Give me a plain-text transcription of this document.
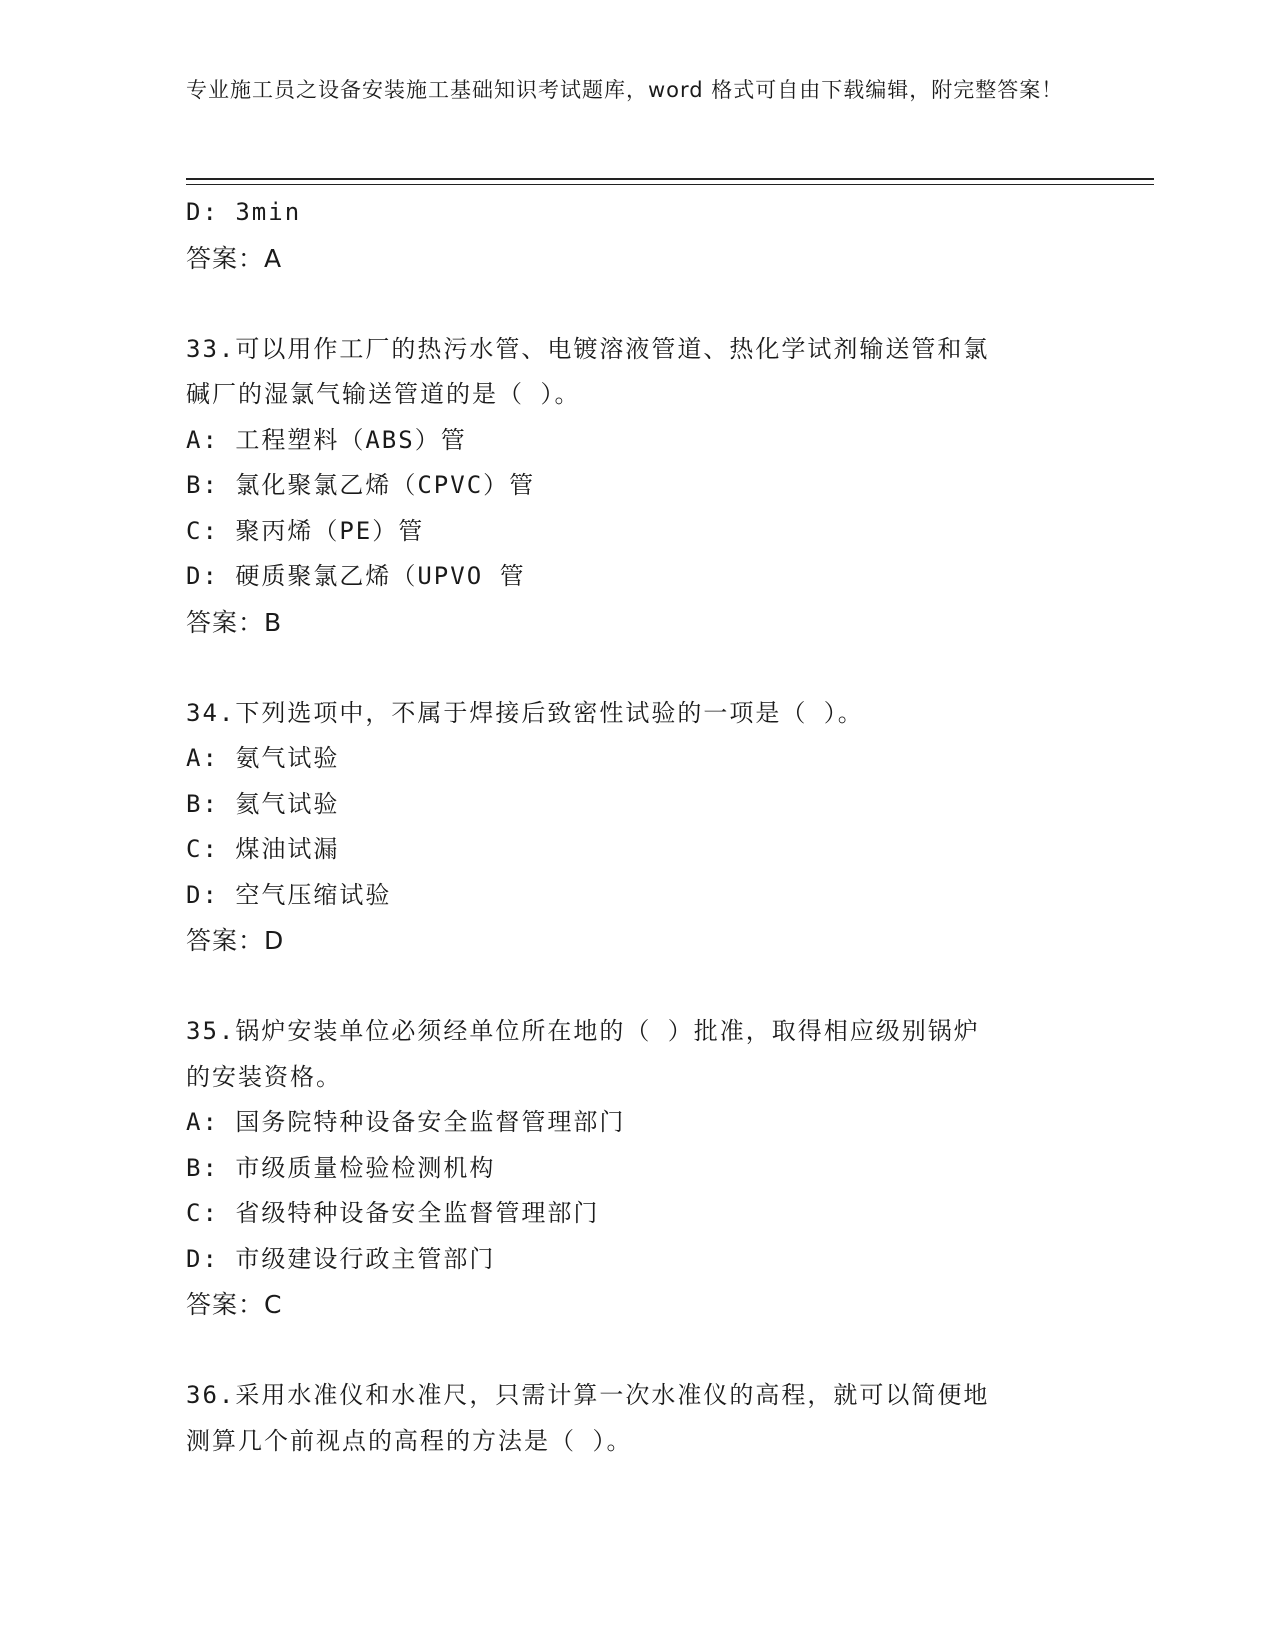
专业施工员之设备安装施工基础知识考试题库，word 格式可自由下载编辑，附完整答案！
D: 3min
答案：A
33.可以用作工厂的热污水管、电镀溶液管道、热化学试剂输送管和氯
碱厂的湿氯气输送管道的是（ ）。
A: 工程塑料（ABS）管
B: 氯化聚氯乙烯（CPVC）管
C: 聚丙烯（PE）管
D: 硬质聚氯乙烯（UPVO 管
答案：B
34.下列选项中，不属于焊接后致密性试验的一项是（ ）。
A: 氨气试验
B: 氦气试验
C: 煤油试漏
D: 空气压缩试验
答案：D
35.锅炉安装单位必须经单位所在地的（ ）批准，取得相应级别锅炉
的安装资格。
A: 国务院特种设备安全监督管理部门
B: 市级质量检验检测机构
C: 省级特种设备安全监督管理部门
D: 市级建设行政主管部门
答案：C
36.采用水准仪和水准尺，只需计算一次水准仪的高程，就可以简便地
测算几个前视点的高程的方法是（ ）。
